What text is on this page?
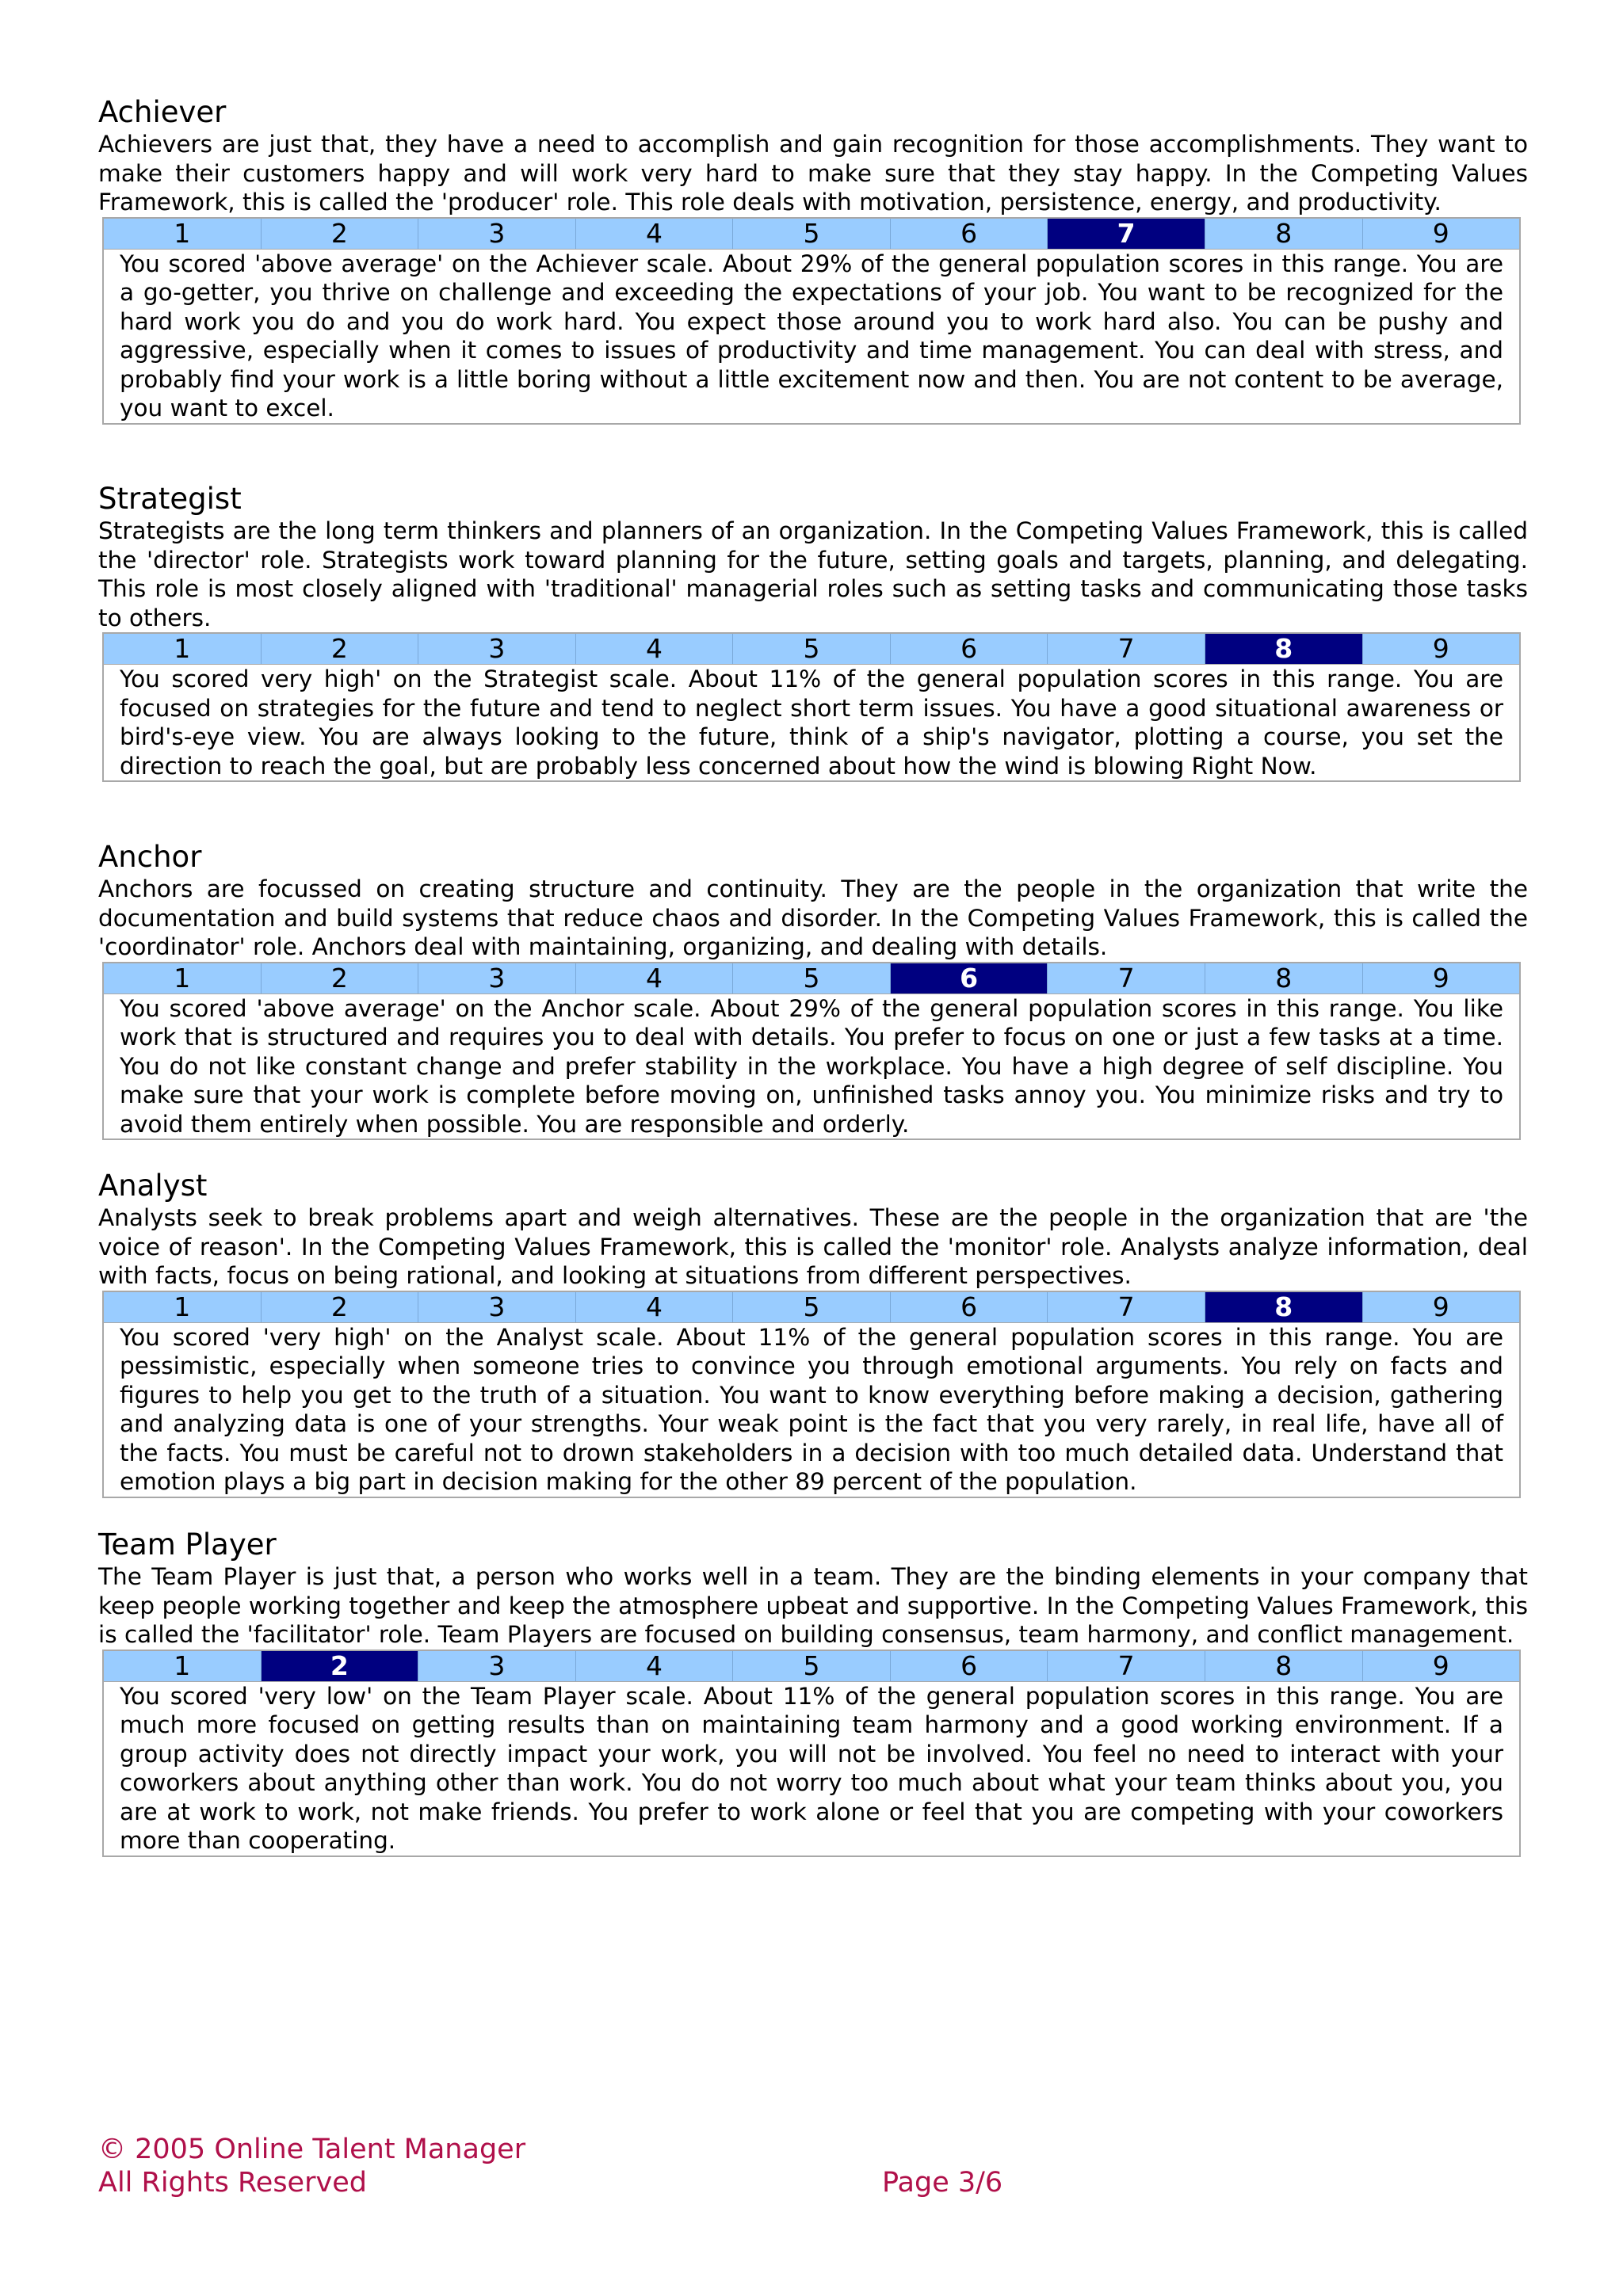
Achiever

Achievers are just that, they have a need to accomplish and gain recognition for those accomplishments. They want to make their customers happy and will work very hard to make sure that they stay happy. In the Competing Values Framework, this is called the 'producer' role. This role deals with motivation, persistence, energy, and productivity.

1	2	3	4	5	6	7	8	9
You scored 'above average' on the Achiever scale. About 29% of the general population scores in this range. You are a go-getter, you thrive on challenge and exceeding the expectations of your job. You want to be recognized for the hard work you do and you do work hard. You expect those around you to work hard also. You can be pushy and aggressive, especially when it comes to issues of productivity and time management. You can deal with stress, and probably find your work is a little boring without a little excitement now and then. You are not content to be average, you want to excel.
Strategist

Strategists are the long term thinkers and planners of an organization. In the Competing Values Framework, this is called the 'director' role. Strategists work toward planning for the future, setting goals and targets, planning, and delegating. This role is most closely aligned with 'traditional' managerial roles such as setting tasks and communicating those tasks to others.

1	2	3	4	5	6	7	8	9
You scored very high' on the Strategist scale. About 11% of the general population scores in this range. You are focused on strategies for the future and tend to neglect short term issues. You have a good situational awareness or bird's-eye view. You are always looking to the future, think of a ship's navigator, plotting a course, you set the direction to reach the goal, but are probably less concerned about how the wind is blowing Right Now.
Anchor

Anchors are focussed on creating structure and continuity. They are the people in the organization that write the documentation and build systems that reduce chaos and disorder. In the Competing Values Framework, this is called the 'coordinator' role. Anchors deal with maintaining, organizing, and dealing with details.

1	2	3	4	5	6	7	8	9
You scored 'above average' on the Anchor scale. About 29% of the general population scores in this range. You like work that is structured and requires you to deal with details. You prefer to focus on one or just a few tasks at a time. You do not like constant change and prefer stability in the workplace. You have a high degree of self discipline. You make sure that your work is complete before moving on, unfinished tasks annoy you. You minimize risks and try to avoid them entirely when possible. You are responsible and orderly.
Analyst

Analysts seek to break problems apart and weigh alternatives. These are the people in the organization that are 'the voice of reason'. In the Competing Values Framework, this is called the 'monitor' role. Analysts analyze information, deal with facts, focus on being rational, and looking at situations from different perspectives.

1	2	3	4	5	6	7	8	9
You scored 'very high' on the Analyst scale. About 11% of the general population scores in this range. You are pessimistic, especially when someone tries to convince you through emotional arguments. You rely on facts and figures to help you get to the truth of a situation. You want to know everything before making a decision, gathering and analyzing data is one of your strengths. Your weak point is the fact that you very rarely, in real life, have all of the facts. You must be careful not to drown stakeholders in a decision with too much detailed data. Understand that emotion plays a big part in decision making for the other 89 percent of the population.
Team Player

The Team Player is just that, a person who works well in a team. They are the binding elements in your company that keep people working together and keep the atmosphere upbeat and supportive. In the Competing Values Framework, this is called the 'facilitator' role. Team Players are focused on building consensus, team harmony, and conflict management.

1	2	3	4	5	6	7	8	9
You scored 'very low' on the Team Player scale. About 11% of the general population scores in this range. You are much more focused on getting results than on maintaining team harmony and a good working environment. If a group activity does not directly impact your work, you will not be involved. You feel no need to interact with your coworkers about anything other than work. You do not worry too much about what your team thinks about you, you are at work to work, not make friends. You prefer to work alone or feel that you are competing with your coworkers more than cooperating.
© 2005 Online Talent Manager
All Rights Reserved	Page 3/6
